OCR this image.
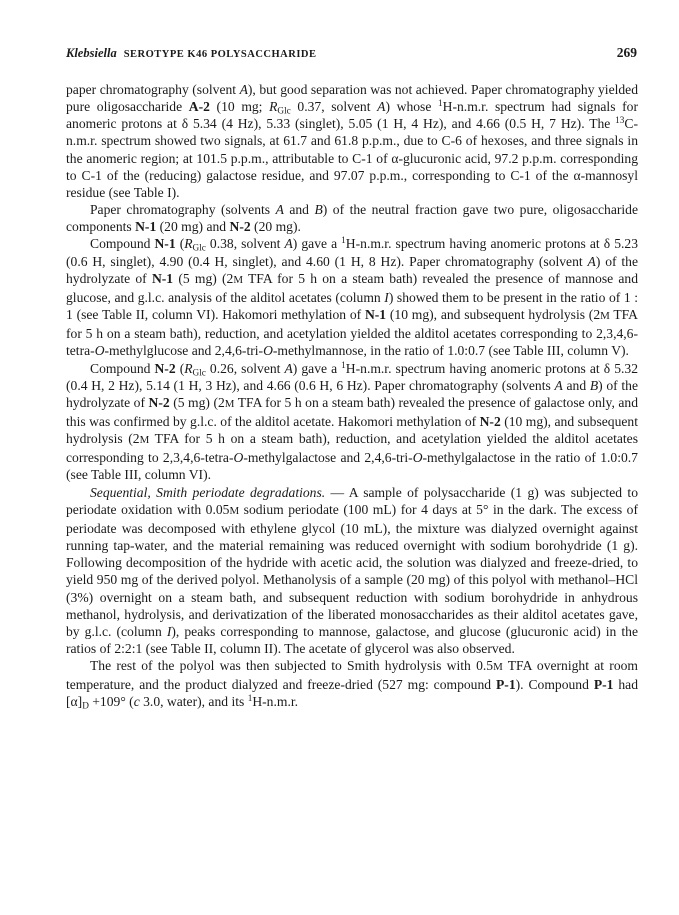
Klebsiella SEROTYPE K46 POLYSACCHARIDE	269

paper chromatography (solvent A), but good separation was not achieved. Paper chromatography yielded pure oligosaccharide A-2 (10 mg; $R_{Glc}$ 0.37, solvent A) whose $^1$H-n.m.r. spectrum had signals for anomeric protons at δ 5.34 (4 Hz), 5.33 (singlet), 5.05 (1 H, 4 Hz), and 4.66 (0.5 H, 7 Hz). The $^{13}$C-n.m.r. spectrum showed two signals, at 61.7 and 61.8 p.p.m., due to C-6 of hexoses, and three signals in the anomeric region; at 101.5 p.p.m., attributable to C-1 of α-glucuronic acid, 97.2 p.p.m. corresponding to C-1 of the (reducing) galactose residue, and 97.07 p.p.m., corresponding to C-1 of the α-mannosyl residue (see Table I).

Paper chromatography (solvents A and B) of the neutral fraction gave two pure, oligosaccharide components N-1 (20 mg) and N-2 (20 mg).

Compound N-1 ($R_{Glc}$ 0.38, solvent A) gave a $^1$H-n.m.r. spectrum having anomeric protons at δ 5.23 (0.6 H, singlet), 4.90 (0.4 H, singlet), and 4.60 (1 H, 8 Hz). Paper chromatography (solvent A) of the hydrolyzate of N-1 (5 mg) (2M TFA for 5 h on a steam bath) revealed the presence of mannose and glucose, and g.l.c. analysis of the alditol acetates (column I) showed them to be present in the ratio of 1 : 1 (see Table II, column VI). Hakomori methylation of N-1 (10 mg), and subsequent hydrolysis (2M TFA for 5 h on a steam bath), reduction, and acetylation yielded the alditol acetates corresponding to 2,3,4,6-tetra-O-methylglucose and 2,4,6-tri-O-methylmannose, in the ratio of 1.0:0.7 (see Table III, column V).

Compound N-2 ($R_{Glc}$ 0.26, solvent A) gave a $^1$H-n.m.r. spectrum having anomeric protons at δ 5.32 (0.4 H, 2 Hz), 5.14 (1 H, 3 Hz), and 4.66 (0.6 H, 6 Hz). Paper chromatography (solvents A and B) of the hydrolyzate of N-2 (5 mg) (2M TFA for 5 h on a steam bath) revealed the presence of galactose only, and this was confirmed by g.l.c. of the alditol acetate. Hakomori methylation of N-2 (10 mg), and subsequent hydrolysis (2M TFA for 5 h on a steam bath), reduction, and acetylation yielded the alditol acetates corresponding to 2,3,4,6-tetra-O-methylgalactose and 2,4,6-tri-O-methylgalactose in the ratio of 1.0:0.7 (see Table III, column VI).

Sequential, Smith periodate degradations. — A sample of polysaccharide (1 g) was subjected to periodate oxidation with 0.05M sodium periodate (100 mL) for 4 days at 5° in the dark. The excess of periodate was decomposed with ethylene glycol (10 mL), the mixture was dialyzed overnight against running tap-water, and the material remaining was reduced overnight with sodium borohydride (1 g). Following decomposition of the hydride with acetic acid, the solution was dialyzed and freeze-dried, to yield 950 mg of the derived polyol. Methanolysis of a sample (20 mg) of this polyol with methanol–HCl (3%) overnight on a steam bath, and subsequent reduction with sodium borohydride in anhydrous methanol, hydrolysis, and derivatization of the liberated monosaccharides as their alditol acetates gave, by g.l.c. (column I), peaks corresponding to mannose, galactose, and glucose (glucuronic acid) in the ratios of 2:2:1 (see Table II, column II). The acetate of glycerol was also observed.

The rest of the polyol was then subjected to Smith hydrolysis with 0.5M TFA overnight at room temperature, and the product dialyzed and freeze-dried (527 mg: compound P-1). Compound P-1 had $[\alpha]_D +109^\circ$ (c 3.0, water), and its $^1$H-n.m.r.
